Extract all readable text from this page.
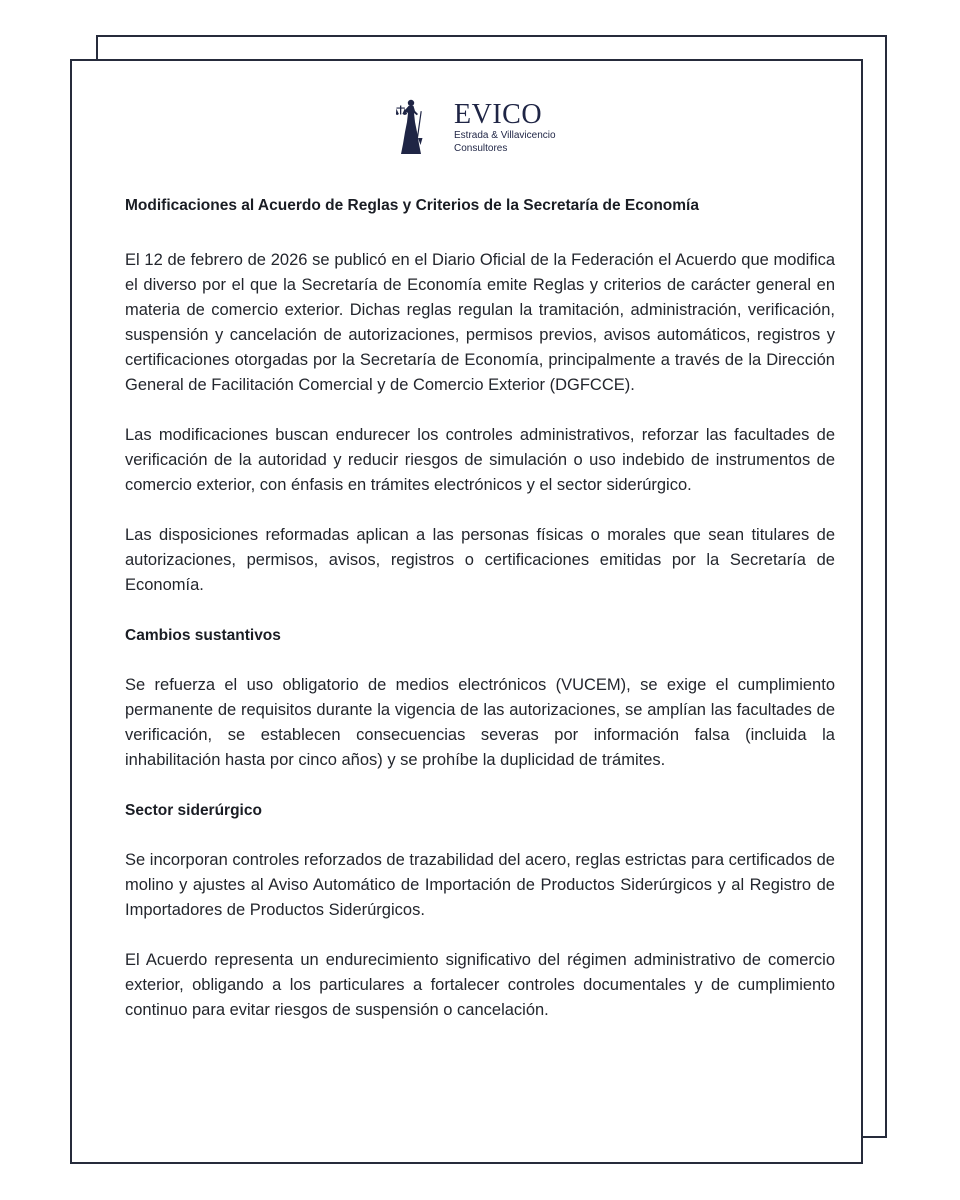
EVICO
Estrada & Villavicencio
Consultores
Modificaciones al Acuerdo de Reglas y Criterios de la Secretaría de Economía

El 12 de febrero de 2026 se publicó en el Diario Oficial de la Federación el Acuerdo que modifica el diverso por el que la Secretaría de Economía emite Reglas y criterios de carácter general en materia de comercio exterior. Dichas reglas regulan la tramitación, administración, verificación, suspensión y cancelación de autorizaciones, permisos previos, avisos automáticos, registros y certificaciones otorgadas por la Secretaría de Economía, principalmente a través de la Dirección General de Facilitación Comercial y de Comercio Exterior (DGFCCE).

Las modificaciones buscan endurecer los controles administrativos, reforzar las facultades de verificación de la autoridad y reducir riesgos de simulación o uso indebido de instrumentos de comercio exterior, con énfasis en trámites electrónicos y el sector siderúrgico.

Las disposiciones reformadas aplican a las personas físicas o morales que sean titulares de autorizaciones, permisos, avisos, registros o certificaciones emitidas por la Secretaría de Economía.

Cambios sustantivos

Se refuerza el uso obligatorio de medios electrónicos (VUCEM), se exige el cumplimiento permanente de requisitos durante la vigencia de las autorizaciones, se amplían las facultades de verificación, se establecen consecuencias severas por información falsa (incluida la inhabilitación hasta por cinco años) y se prohíbe la duplicidad de trámites.

Sector siderúrgico

Se incorporan controles reforzados de trazabilidad del acero, reglas estrictas para certificados de molino y ajustes al Aviso Automático de Importación de Productos Siderúrgicos y al Registro de Importadores de Productos Siderúrgicos.

El Acuerdo representa un endurecimiento significativo del régimen administrativo de comercio exterior, obligando a los particulares a fortalecer controles documentales y de cumplimiento continuo para evitar riesgos de suspensión o cancelación.
